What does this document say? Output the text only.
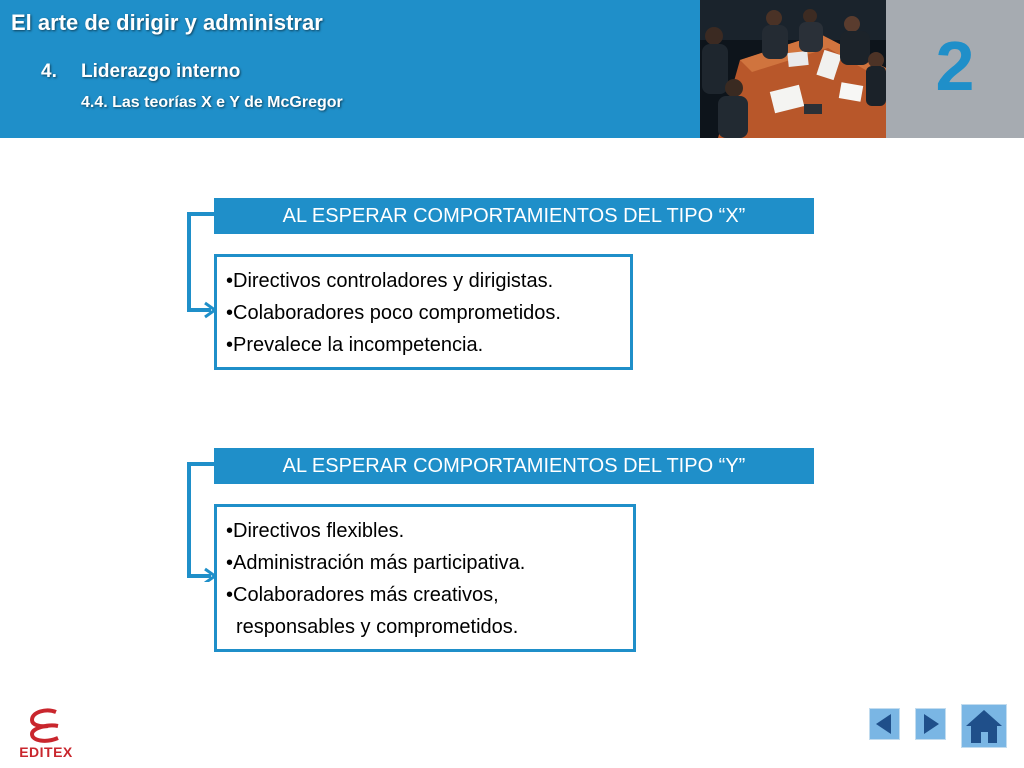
El arte de dirigir y administrar
4. Liderazgo interno
4.4. Las teorías X e Y de McGregor	2
AL ESPERAR COMPORTAMIENTOS DEL TIPO “X”
•Directivos controladores y dirigistas.
•Colaboradores poco comprometidos.
•Prevalece la incompetencia.
AL ESPERAR COMPORTAMIENTOS DEL TIPO “Y”
•Directivos flexibles.
•Administración más participativa.
•Colaboradores más creativos,
responsables y comprometidos.
EDITEX
